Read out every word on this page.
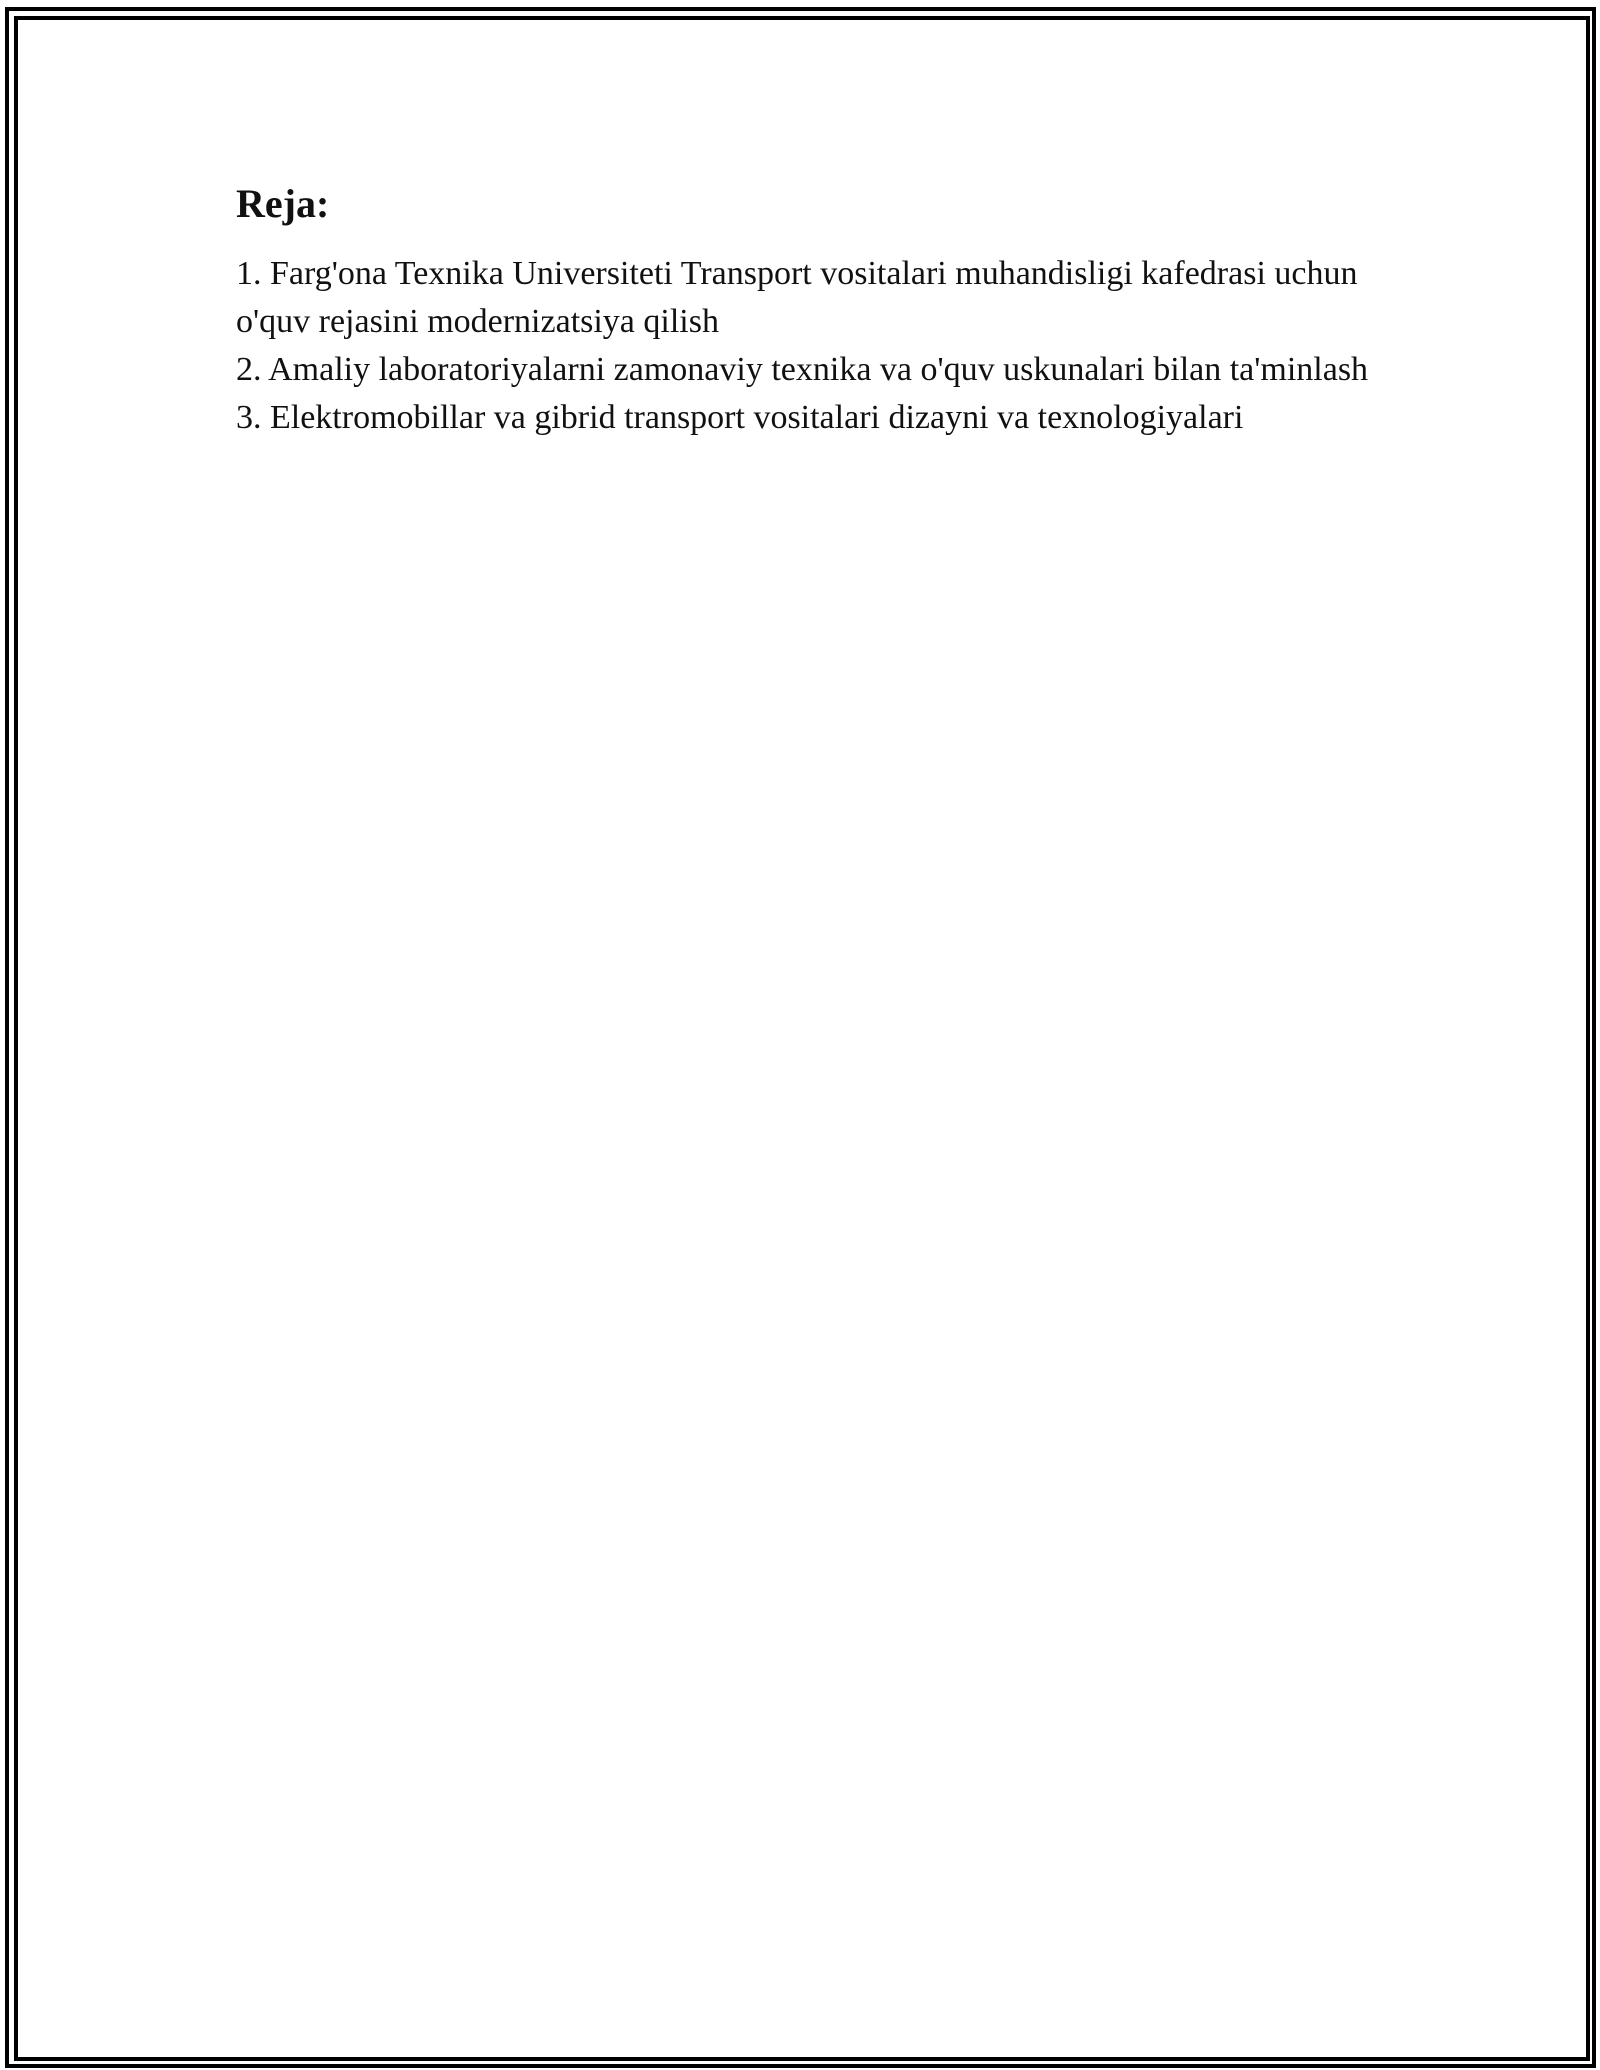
Reja:
1. Farg'ona Texnika Universiteti Transport vositalari muhandisligi kafedrasi uchun o'quv rejasini modernizatsiya qilish
2. Amaliy laboratoriyalarni zamonaviy texnika va o'quv uskunalari bilan ta'minlash
3. Elektromobillar va gibrid transport vositalari dizayni va texnologiyalari
